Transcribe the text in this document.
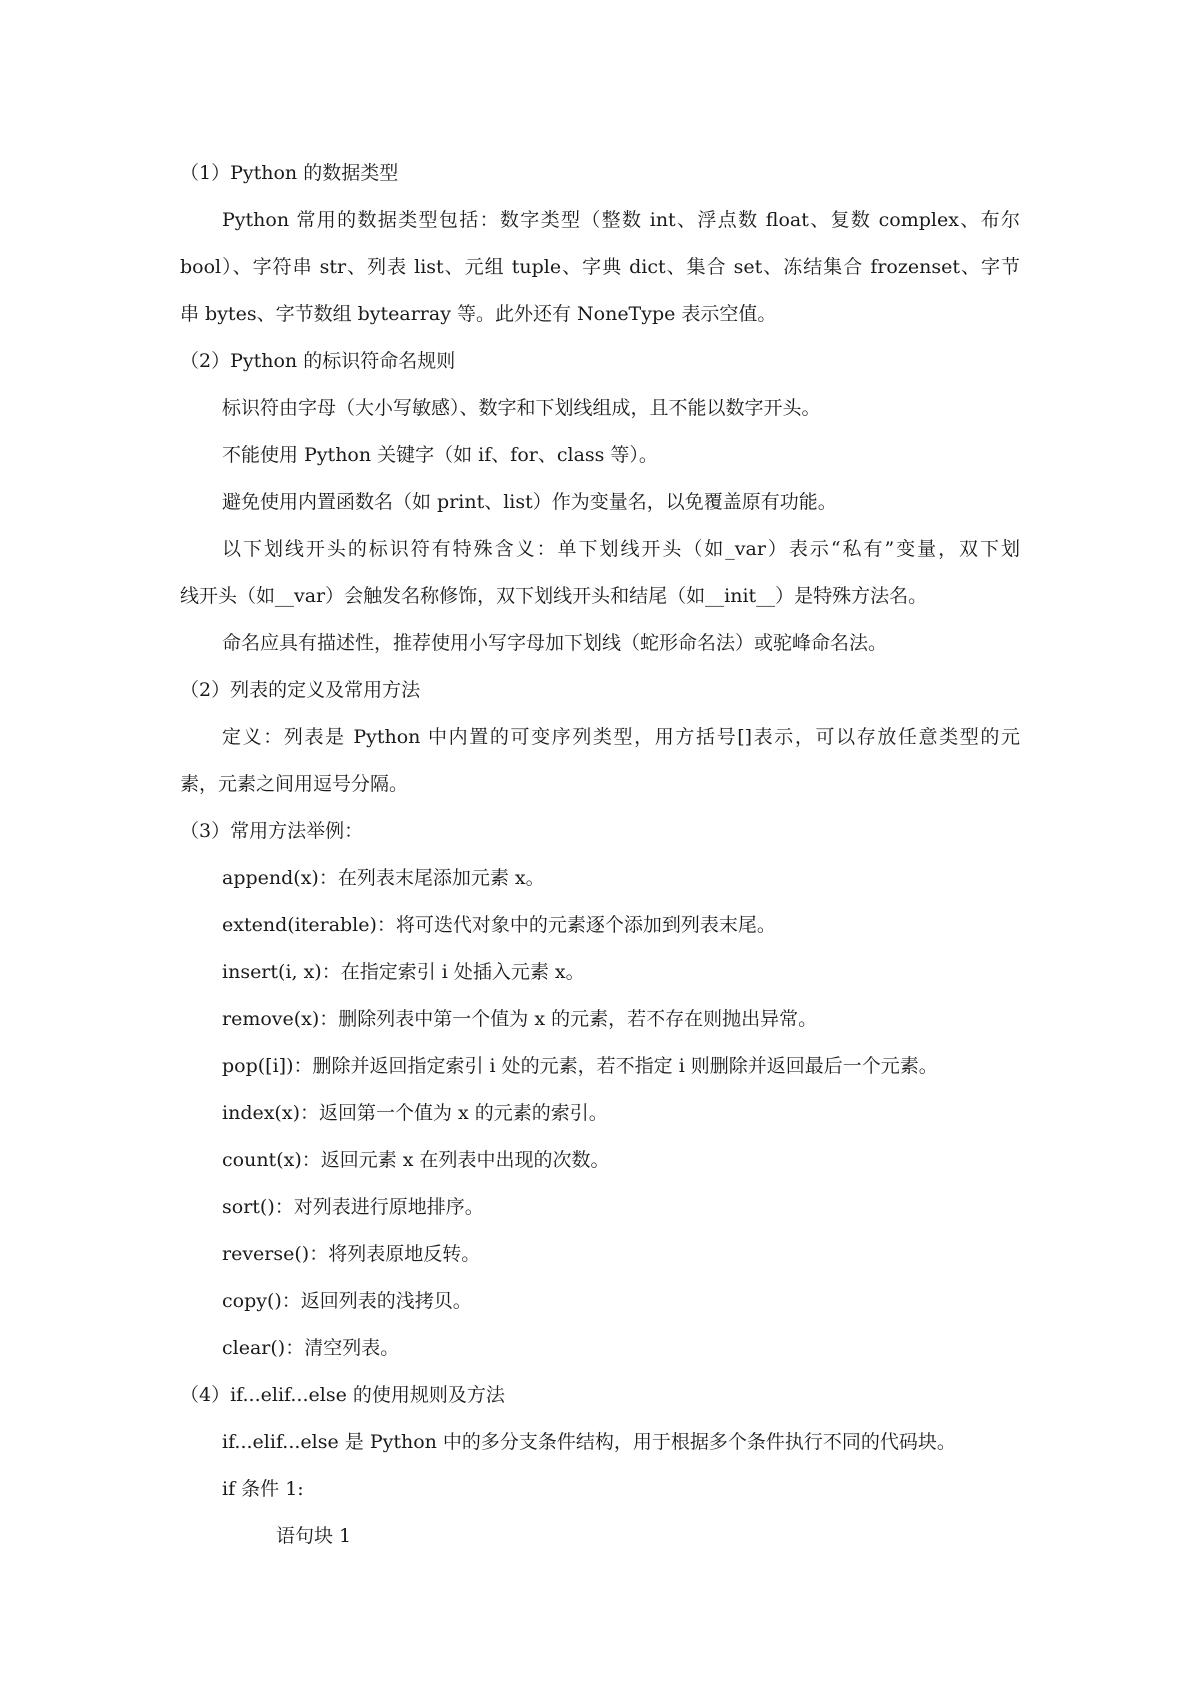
（1）Python 的数据类型
Python 常用的数据类型包括：数字类型（整数 int、浮点数 float、复数 complex、布尔
bool）、字符串 str、列表 list、元组 tuple、字典 dict、集合 set、冻结集合 frozenset、字节
串 bytes、字节数组 bytearray 等。此外还有 NoneType 表示空值。
（2）Python 的标识符命名规则
标识符由字母（大小写敏感）、数字和下划线组成，且不能以数字开头。
不能使用 Python 关键字（如 if、for、class 等）。
避免使用内置函数名（如 print、list）作为变量名，以免覆盖原有功能。
以下划线开头的标识符有特殊含义：单下划线开头（如_var）表示“私有”变量，双下划
线开头（如__var）会触发名称修饰，双下划线开头和结尾（如__init__）是特殊方法名。
命名应具有描述性，推荐使用小写字母加下划线（蛇形命名法）或驼峰命名法。
（2）列表的定义及常用方法
定义：列表是 Python 中内置的可变序列类型，用方括号[]表示，可以存放任意类型的元
素，元素之间用逗号分隔。
（3）常用方法举例：
append(x)：在列表末尾添加元素 x。
extend(iterable)：将可迭代对象中的元素逐个添加到列表末尾。
insert(i, x)：在指定索引 i 处插入元素 x。
remove(x)：删除列表中第一个值为 x 的元素，若不存在则抛出异常。
pop([i])：删除并返回指定索引 i 处的元素，若不指定 i 则删除并返回最后一个元素。
index(x)：返回第一个值为 x 的元素的索引。
count(x)：返回元素 x 在列表中出现的次数。
sort()：对列表进行原地排序。
reverse()：将列表原地反转。
copy()：返回列表的浅拷贝。
clear()：清空列表。
（4）if...elif...else 的使用规则及方法
if...elif...else 是 Python 中的多分支条件结构，用于根据多个条件执行不同的代码块。
if 条件 1:
语句块 1
